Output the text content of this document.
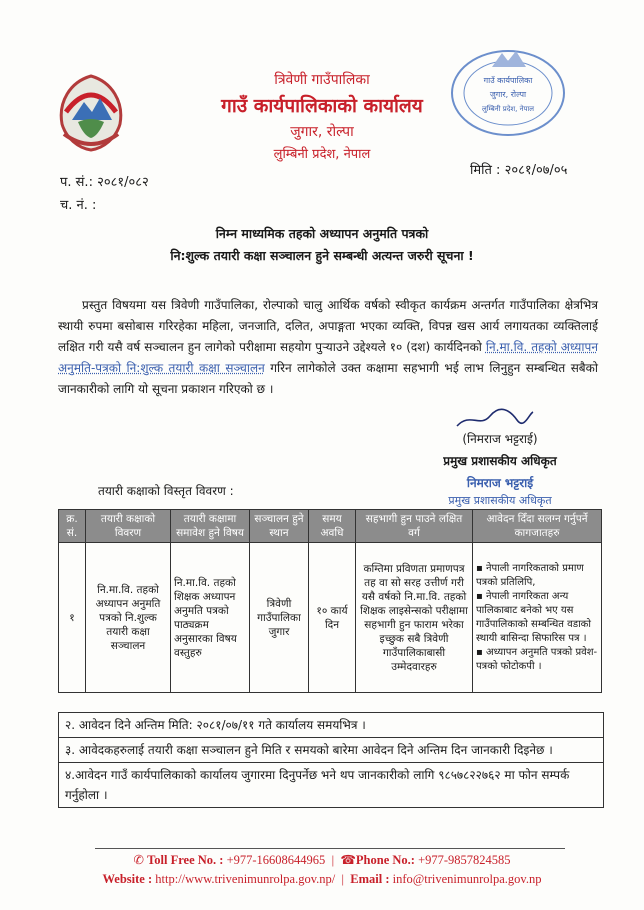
गाउँ कार्यपालिका
जुगार, रोल्पा
लुम्बिनी प्रदेश, नेपाल
त्रिवेणी गाउँपालिका
गाउँ कार्यपालिकाको कार्यालय
जुगार, रोल्पा
लुम्बिनी प्रदेश, नेपाल
प. सं.: २०८१/०८२
च. नं. :
मिति : २०८१/०७/०५
निम्न माध्यमिक तहको अध्यापन अनुमति पत्रको
नि:शुल्क तयारी कक्षा सञ्चालन हुने सम्बन्धी अत्यन्त जरुरी सूचना !
प्रस्तुत विषयमा यस त्रिवेणी गाउँपालिका, रोल्पाको चालु आर्थिक वर्षको स्वीकृत कार्यक्रम अन्तर्गत गाउँपालिका क्षेत्रभित्र स्थायी रुपमा बसोबास गरिरहेका महिला, जनजाति, दलित, अपाङ्गता भएका व्यक्ति, विपन्न खस आर्य लगायतका व्यक्तिलाई लक्षित गरी यसै वर्ष सञ्चालन हुन लागेको परीक्षामा सहयोग पुऱ्याउने उद्देश्यले १० (दश) कार्यदिनको नि.मा.वि. तहको अध्यापन अनुमति-पत्रको नि:शुल्क तयारी कक्षा सञ्चालन गरिन लागेकोले उक्त कक्षामा सहभागी भई लाभ लिनुहुन सम्बन्धित सबैको जानकारीको लागि यो सूचना प्रकाशन गरिएको छ ।
(निमराज भट्टराई)
प्रमुख प्रशासकीय अधिकृत
निमराज भट्टराई
प्रमुख प्रशासकीय अधिकृत
तयारी कक्षाको विस्तृत विवरण :
क्र. सं.	तयारी कक्षाको विवरण	तयारी कक्षामा समावेश हुने विषय	सञ्चालन हुने स्थान	समय अवधि	सहभागी हुन पाउने लक्षित वर्ग	आवेदन दिँदा सलग्न गर्नुपर्ने कागजातहरु
१	नि.मा.वि. तहको अध्यापन अनुमति पत्रको नि.शुल्क तयारी कक्षा सञ्चालन	नि.मा.वि. तहको शिक्षक अध्यापन अनुमति पत्रको पाठ्यक्रम अनुसारका विषय वस्तुहरु	त्रिवेणी गाउँपालिका जुगार	१० कार्य दिन	कम्तिमा प्रविणता प्रमाणपत्र तह वा सो सरह उत्तीर्ण गरी यसै वर्षको नि.मा.वि. तहको शिक्षक लाइसेन्सको परीक्षामा सहभागी हुन फाराम भरेका इच्छुक सबै त्रिवेणी गाउँपालिकाबासी उम्मेदवारहरु	▪ नेपाली नागरिकताको प्रमाण पत्रको प्रतिलिपि,
▪ नेपाली नागरिकता अन्य पालिकाबाट बनेको भए यस गाउँपालिकाको सम्बन्धित वडाको स्थायी बासिन्दा सिफारिस पत्र ।
▪ अध्यापन अनुमति पत्रको प्रवेश-पत्रको फोटोकपी ।
२. आवेदन दिने अन्तिम मिति: २०८१/०७/११ गते कार्यालय समयभित्र ।
३. आवेदकहरुलाई तयारी कक्षा सञ्चालन हुने मिति र समयको बारेमा आवेदन दिने अन्तिम दिन जानकारी दिइनेछ ।
४.आवेदन गाउँ कार्यपालिकाको कार्यालय जुगारमा दिनुपर्नेछ भने थप जानकारीको लागि ९८५७८२२७६२ मा फोन सम्पर्क गर्नुहोला ।
✆ Toll Free No. : +977-16608644965  |  ☎Phone No.: +977-9857824585
Website : http://www.trivenimunrolpa.gov.np/  |  Email : info@trivenimunrolpa.gov.np
